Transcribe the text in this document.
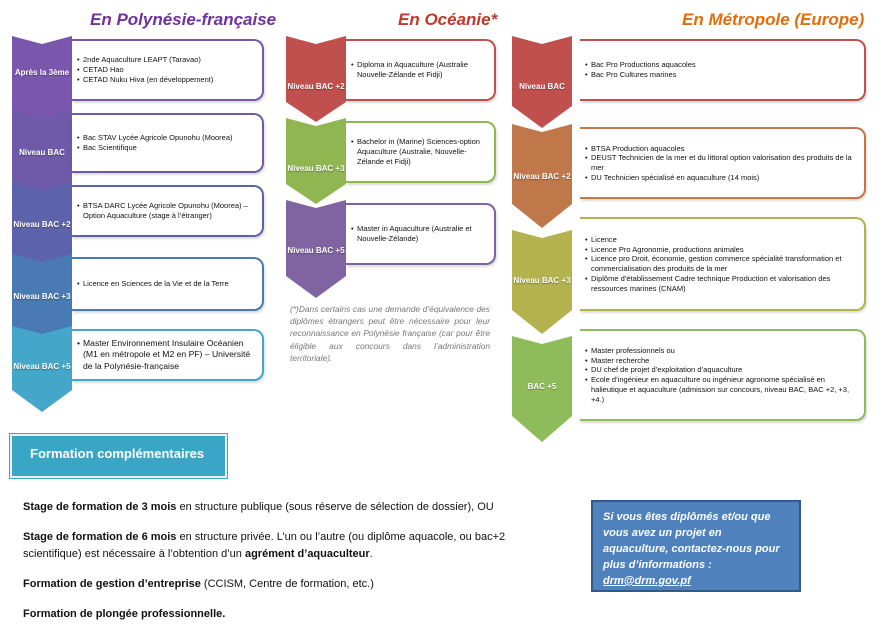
En Polynésie-française	En Océanie*	En Métropole (Europe)
Après la 3ème
• 2nde Aquaculture LEAPT (Taravao)
• CETAD Hao
• CETAD Nuku Hiva (en développement)
Niveau BAC
• Bac STAV Lycée Agricole Opunohu (Moorea)
• Bac Scientifique
Niveau BAC +2
• BTSA DARC Lycée Agricole Opunohu (Moorea) – Option Aquaculture (stage à l’étranger)
Niveau BAC +3
• Licence en Sciences de la Vie et de la Terre
Niveau BAC +5
• Master Environnement Insulaire Océanien (M1 en métropole et M2 en PF) – Université de la Polynésie-française
Niveau BAC +2
• Diploma in Aquaculture (Australie Nouvelle-Zélande et Fidji)
Niveau BAC +3
• Bachelor in (Marine) Sciences-option Aquaculture (Australie, Nouvelle-Zélande et Fidji)
Niveau BAC +5
• Master in Aquaculture (Australie et Nouvelle-Zélande)
(*)Dans certains cas une demande d’équivalence des diplômes étrangers peut être nécessaire pour leur reconnaissance en Polynésie française (car pour être éligible aux concours dans l’administration territoriale).
Niveau BAC
• Bac Pro Productions aquacoles
• Bac Pro Cultures marines
Niveau BAC +2
• BTSA Production aquacoles
• DEUST Technicien de la mer et du littoral option valorisation des produits de la mer
• DU Technicien spécialisé en aquaculture (14 mois)
Niveau BAC +3
• Licence
• Licence Pro Agronomie, productions animales
• Licence pro Droit, économie, gestion commerce spécialité transformation et commercialisation des produits de la mer
• Diplôme d’établissement Cadre technique Production et valorisation des ressources marines (CNAM)
BAC +5
• Master professionnels ou
• Master recherche
• DU chef de projet d’exploitation d’aquaculture
• Ecole d’ingénieur en aquaculture ou ingénieur agronome spécialisé en halieutique et aquaculture (admission sur concours, niveau BAC, BAC +2, +3, +4.)
Formation complémentaires
Stage de formation de 3 mois en structure publique (sous réserve de sélection de dossier), OU
Stage de formation de 6 mois en structure privée. L’un ou l’autre (ou diplôme aquacole, ou bac+2 scientifique) est nécessaire à l’obtention d’un agrément d’aquaculteur.
Formation de gestion d’entreprise (CCISM, Centre de formation, etc.)
Formation de plongée professionnelle.
Si vous êtes diplômés et/ou que vous avez un projet en aquaculture, contactez-nous pour plus d’informations : drm@drm.gov.pf
